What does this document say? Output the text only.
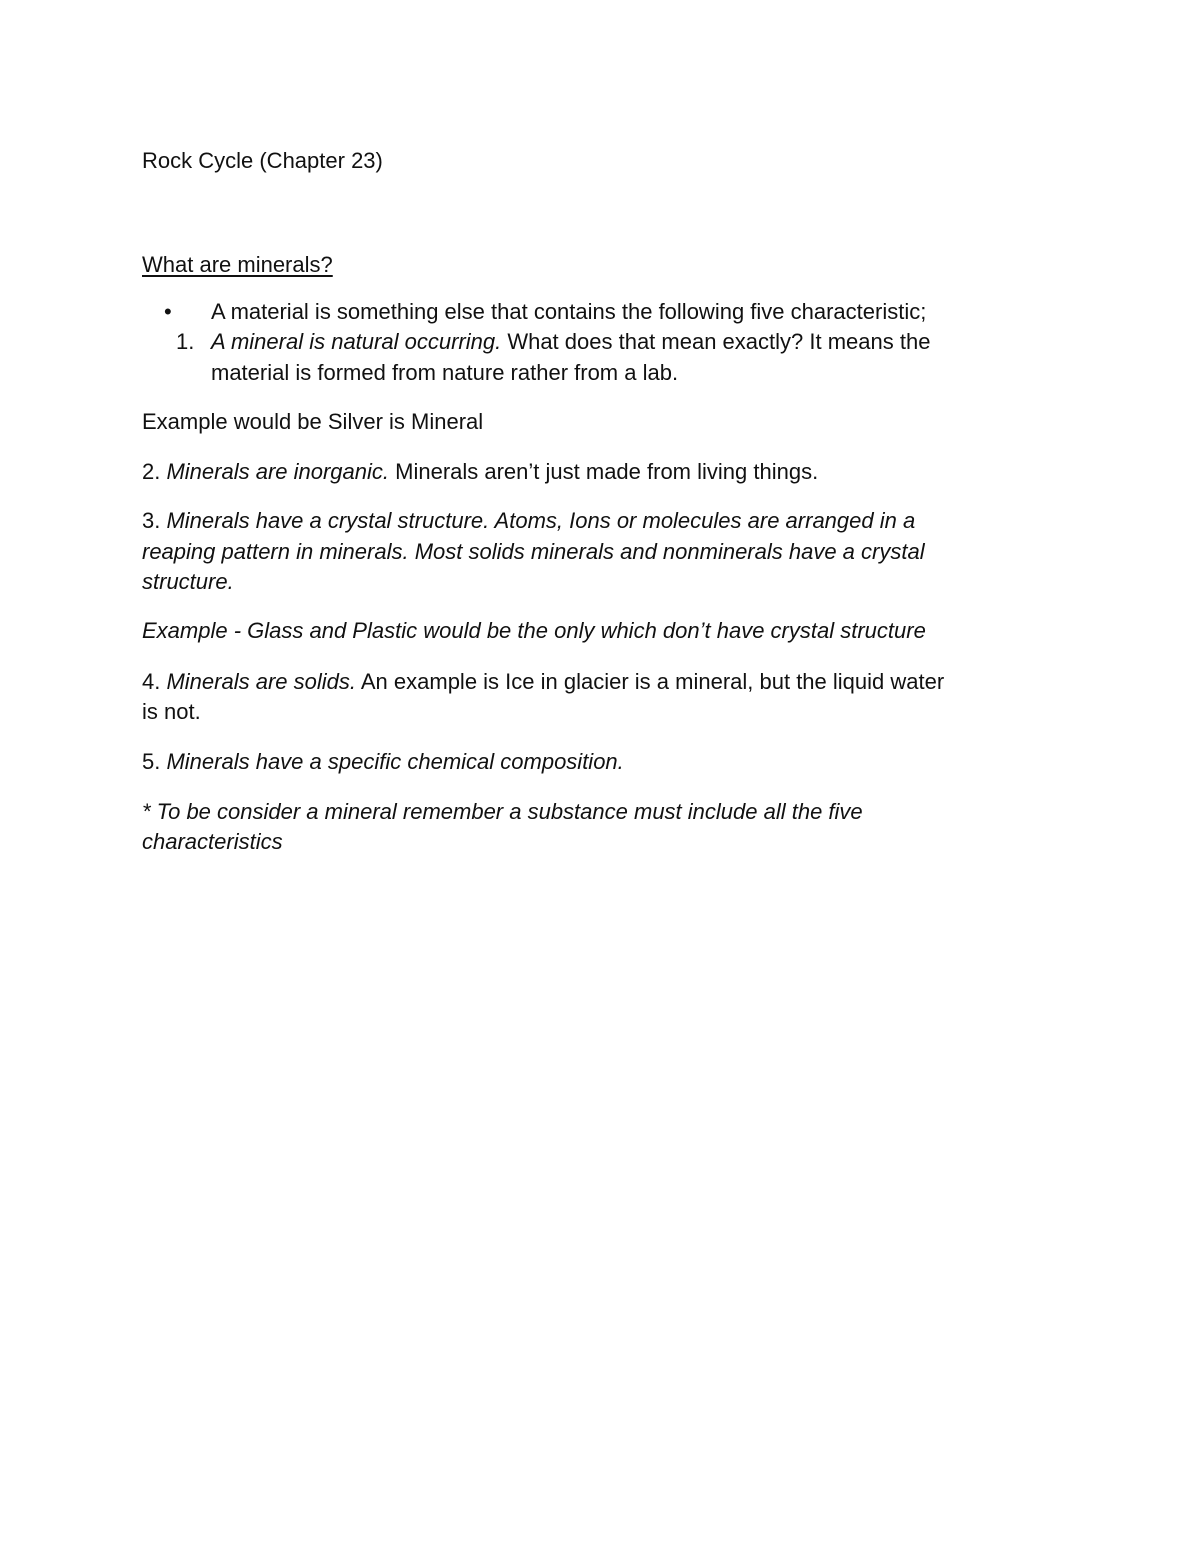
Rock Cycle (Chapter 23)
What are minerals?
• A material is something else that contains the following five characteristic;
1. A mineral is natural occurring. What does that mean exactly? It means the
material is formed from nature rather from a lab.
Example would be Silver is Mineral
2. Minerals are inorganic. Minerals aren’t just made from living things.
3. Minerals have a crystal structure. Atoms, Ions or molecules are arranged in a
reaping pattern in minerals. Most solids minerals and nonminerals have a crystal
structure.
Example - Glass and Plastic would be the only which don’t have crystal structure
4. Minerals are solids. An example is Ice in glacier is a mineral, but the liquid water
is not.
5. Minerals have a specific chemical composition.
* To be consider a mineral remember a substance must include all the five
characteristics
